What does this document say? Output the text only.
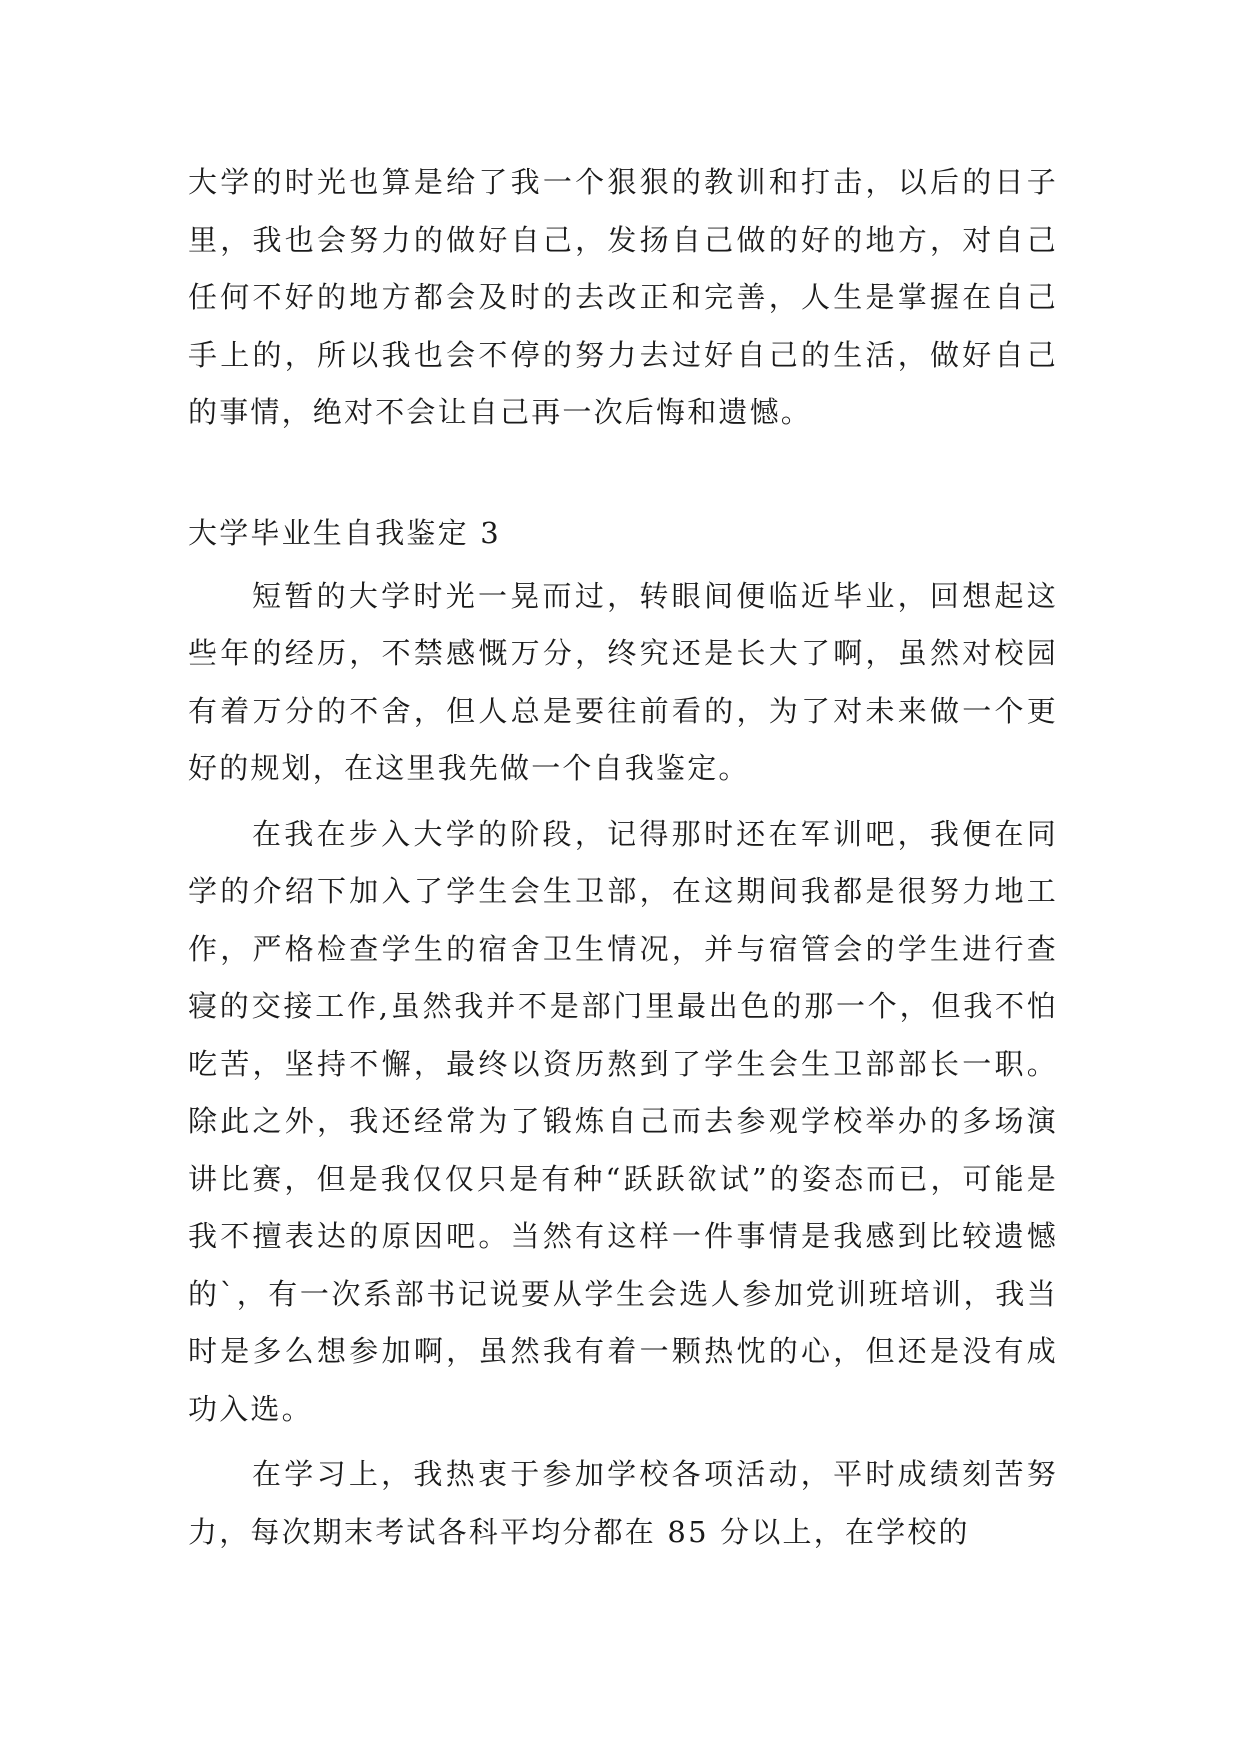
大学的时光也算是给了我一个狠狠的教训和打击，以后的日子里，我也会努力的做好自己，发扬自己做的好的地方，对自己任何不好的地方都会及时的去改正和完善，人生是掌握在自己手上的，所以我也会不停的努力去过好自己的生活，做好自己的事情，绝对不会让自己再一次后悔和遗憾。

大学毕业生自我鉴定 3

短暂的大学时光一晃而过，转眼间便临近毕业，回想起这些年的经历，不禁感慨万分，终究还是长大了啊，虽然对校园有着万分的不舍，但人总是要往前看的，为了对未来做一个更好的规划，在这里我先做一个自我鉴定。

在我在步入大学的阶段，记得那时还在军训吧，我便在同学的介绍下加入了学生会生卫部，在这期间我都是很努力地工作，严格检查学生的宿舍卫生情况，并与宿管会的学生进行查寝的交接工作,虽然我并不是部门里最出色的那一个，但我不怕吃苦，坚持不懈，最终以资历熬到了学生会生卫部部长一职。除此之外，我还经常为了锻炼自己而去参观学校举办的多场演讲比赛，但是我仅仅只是有种“跃跃欲试”的姿态而已，可能是我不擅表达的原因吧。当然有这样一件事情是我感到比较遗憾的`，有一次系部书记说要从学生会选人参加党训班培训，我当时是多么想参加啊，虽然我有着一颗热忱的心，但还是没有成功入选。

在学习上，我热衷于参加学校各项活动，平时成绩刻苦努力，每次期末考试各科平均分都在 85 分以上，在学校的
